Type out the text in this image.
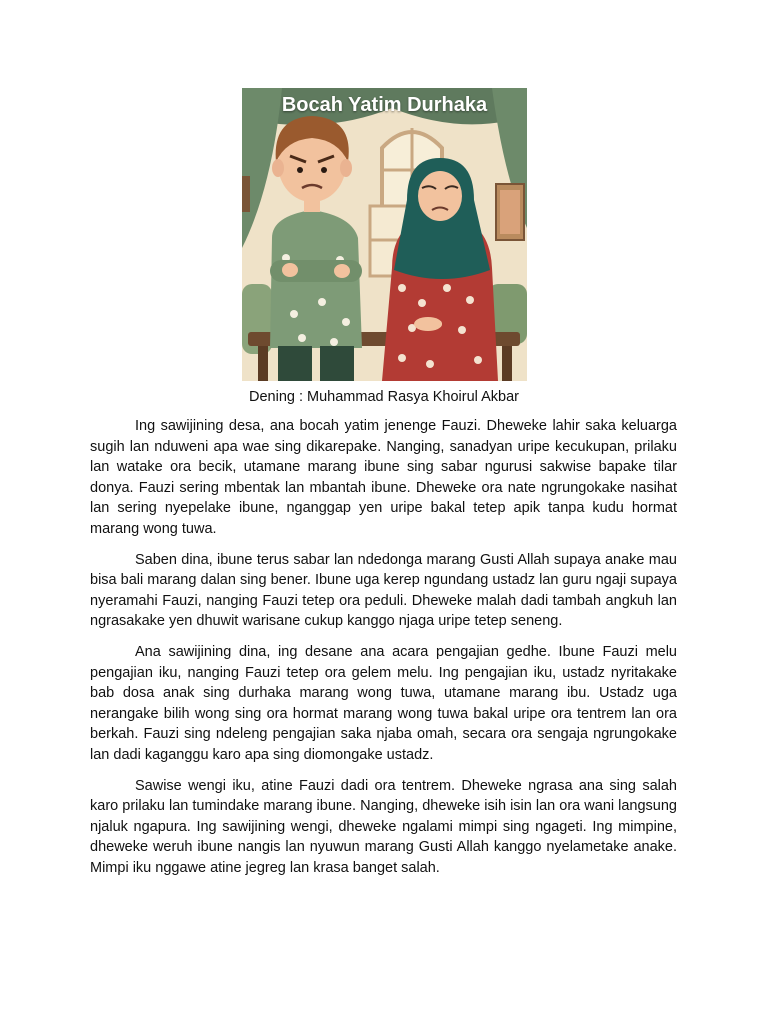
Bocah Yatim Durhaka
Dening : Muhammad Rasya Khoirul Akbar

Ing sawijining desa, ana bocah yatim jenenge Fauzi. Dheweke lahir saka keluarga sugih lan nduweni apa wae sing dikarepake. Nanging, sanadyan uripe kecukupan, prilaku lan watake ora becik, utamane marang ibune sing sabar ngurusi sakwise bapake tilar donya. Fauzi sering mbentak lan mbantah ibune. Dheweke ora nate ngrungokake nasihat lan sering nyepelake ibune, nganggap yen uripe bakal tetep apik tanpa kudu hormat marang wong tuwa.

Saben dina, ibune terus sabar lan ndedonga marang Gusti Allah supaya anake mau bisa bali marang dalan sing bener. Ibune uga kerep ngundang ustadz lan guru ngaji supaya nyeramahi Fauzi, nanging Fauzi tetep ora peduli. Dheweke malah dadi tambah angkuh lan ngrasakake yen dhuwit warisane cukup kanggo njaga uripe tetep seneng.

Ana sawijining dina, ing desane ana acara pengajian gedhe. Ibune Fauzi melu pengajian iku, nanging Fauzi tetep ora gelem melu. Ing pengajian iku, ustadz nyritakake bab dosa anak sing durhaka marang wong tuwa, utamane marang ibu. Ustadz uga nerangake bilih wong sing ora hormat marang wong tuwa bakal uripe ora tentrem lan ora berkah. Fauzi sing ndeleng pengajian saka njaba omah, secara ora sengaja ngrungokake lan dadi kaganggu karo apa sing diomongake ustadz.

Sawise wengi iku, atine Fauzi dadi ora tentrem. Dheweke ngrasa ana sing salah karo prilaku lan tumindake marang ibune. Nanging, dheweke isih isin lan ora wani langsung njaluk ngapura. Ing sawijining wengi, dheweke ngalami mimpi sing ngageti. Ing mimpine, dheweke weruh ibune nangis lan nyuwun marang Gusti Allah kanggo nyelametake anake. Mimpi iku nggawe atine jegreg lan krasa banget salah.
